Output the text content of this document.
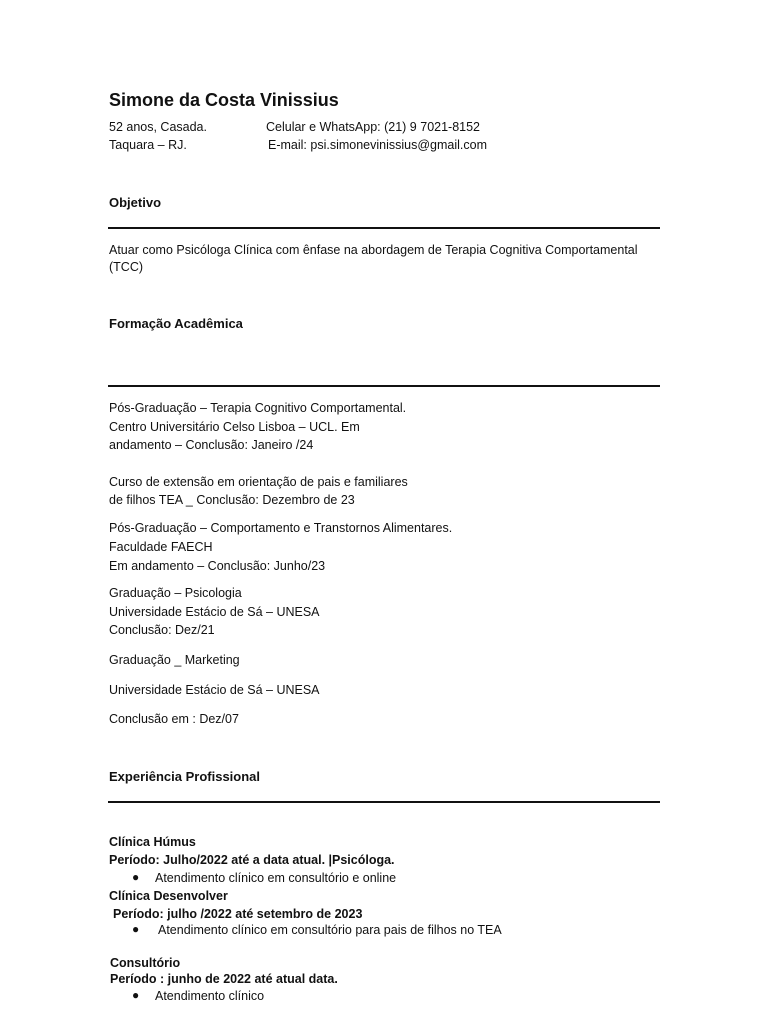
Simone da Costa Vinissius
52 anos, Casada.
Taquara – RJ.
Celular e WhatsApp: (21) 9 7021-8152
E-mail: psi.simonevinissius@gmail.com
Objetivo
Atuar como Psicóloga Clínica com ênfase na abordagem de Terapia Cognitiva Comportamental
(TCC)
Formação Acadêmica
Pós-Graduação – Terapia Cognitivo Comportamental.
Centro Universitário Celso Lisboa – UCL. Em
andamento – Conclusão: Janeiro /24
Curso de extensão em orientação de pais e familiares
de filhos TEA _ Conclusão: Dezembro de 23
Pós-Graduação – Comportamento e Transtornos Alimentares.
Faculdade FAECH
Em andamento – Conclusão: Junho/23
Graduação – Psicologia
Universidade Estácio de Sá – UNESA
Conclusão: Dez/21
Graduação _ Marketing
Universidade Estácio de Sá – UNESA
Conclusão em : Dez/07
Experiência Profissional
Clínica Húmus
Período: Julho/2022 até a data atual. |Psicóloga.
● Atendimento clínico em consultório e online
Clínica Desenvolver
Período: julho /2022 até setembro de 2023
● Atendimento clínico em consultório para pais de filhos no TEA
Consultório
Período : junho de 2022 até atual data.
● Atendimento clínico
